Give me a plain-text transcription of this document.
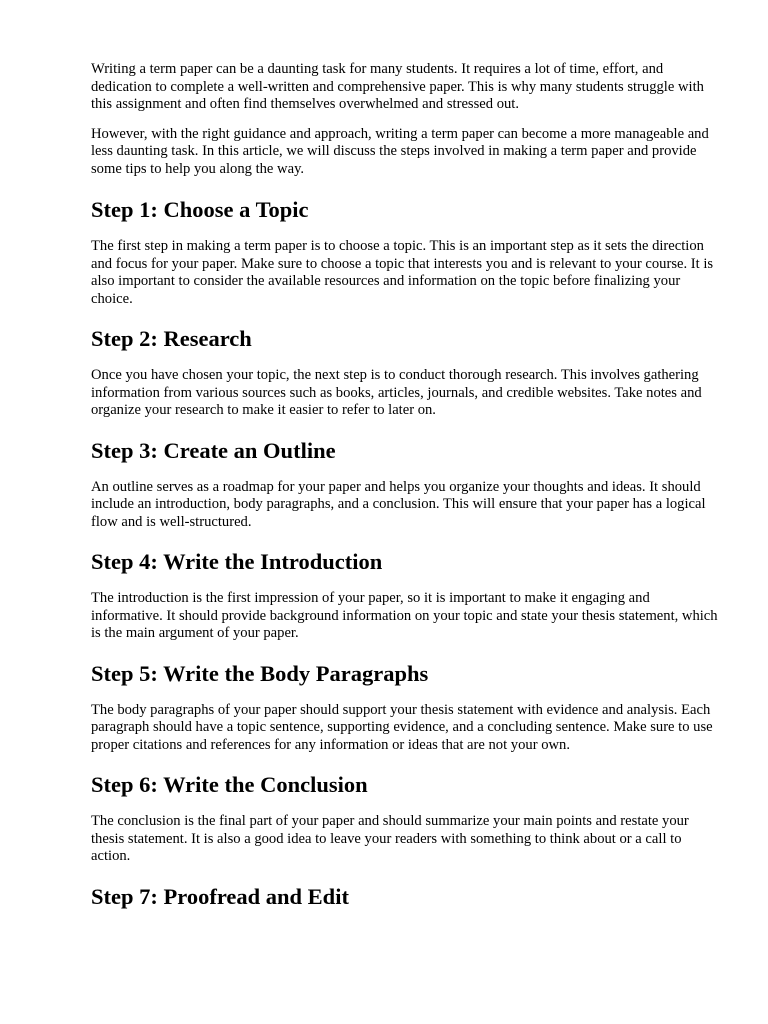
Writing a term paper can be a daunting task for many students. It requires a lot of time, effort, and dedication to complete a well-written and comprehensive paper. This is why many students struggle with this assignment and often find themselves overwhelmed and stressed out.

However, with the right guidance and approach, writing a term paper can become a more manageable and less daunting task. In this article, we will discuss the steps involved in making a term paper and provide some tips to help you along the way.

Step 1: Choose a Topic

The first step in making a term paper is to choose a topic. This is an important step as it sets the direction and focus for your paper. Make sure to choose a topic that interests you and is relevant to your course. It is also important to consider the available resources and information on the topic before finalizing your choice.

Step 2: Research

Once you have chosen your topic, the next step is to conduct thorough research. This involves gathering information from various sources such as books, articles, journals, and credible websites. Take notes and organize your research to make it easier to refer to later on.

Step 3: Create an Outline

An outline serves as a roadmap for your paper and helps you organize your thoughts and ideas. It should include an introduction, body paragraphs, and a conclusion. This will ensure that your paper has a logical flow and is well-structured.

Step 4: Write the Introduction

The introduction is the first impression of your paper, so it is important to make it engaging and informative. It should provide background information on your topic and state your thesis statement, which is the main argument of your paper.

Step 5: Write the Body Paragraphs

The body paragraphs of your paper should support your thesis statement with evidence and analysis. Each paragraph should have a topic sentence, supporting evidence, and a concluding sentence. Make sure to use proper citations and references for any information or ideas that are not your own.

Step 6: Write the Conclusion

The conclusion is the final part of your paper and should summarize your main points and restate your thesis statement. It is also a good idea to leave your readers with something to think about or a call to action.

Step 7: Proofread and Edit
